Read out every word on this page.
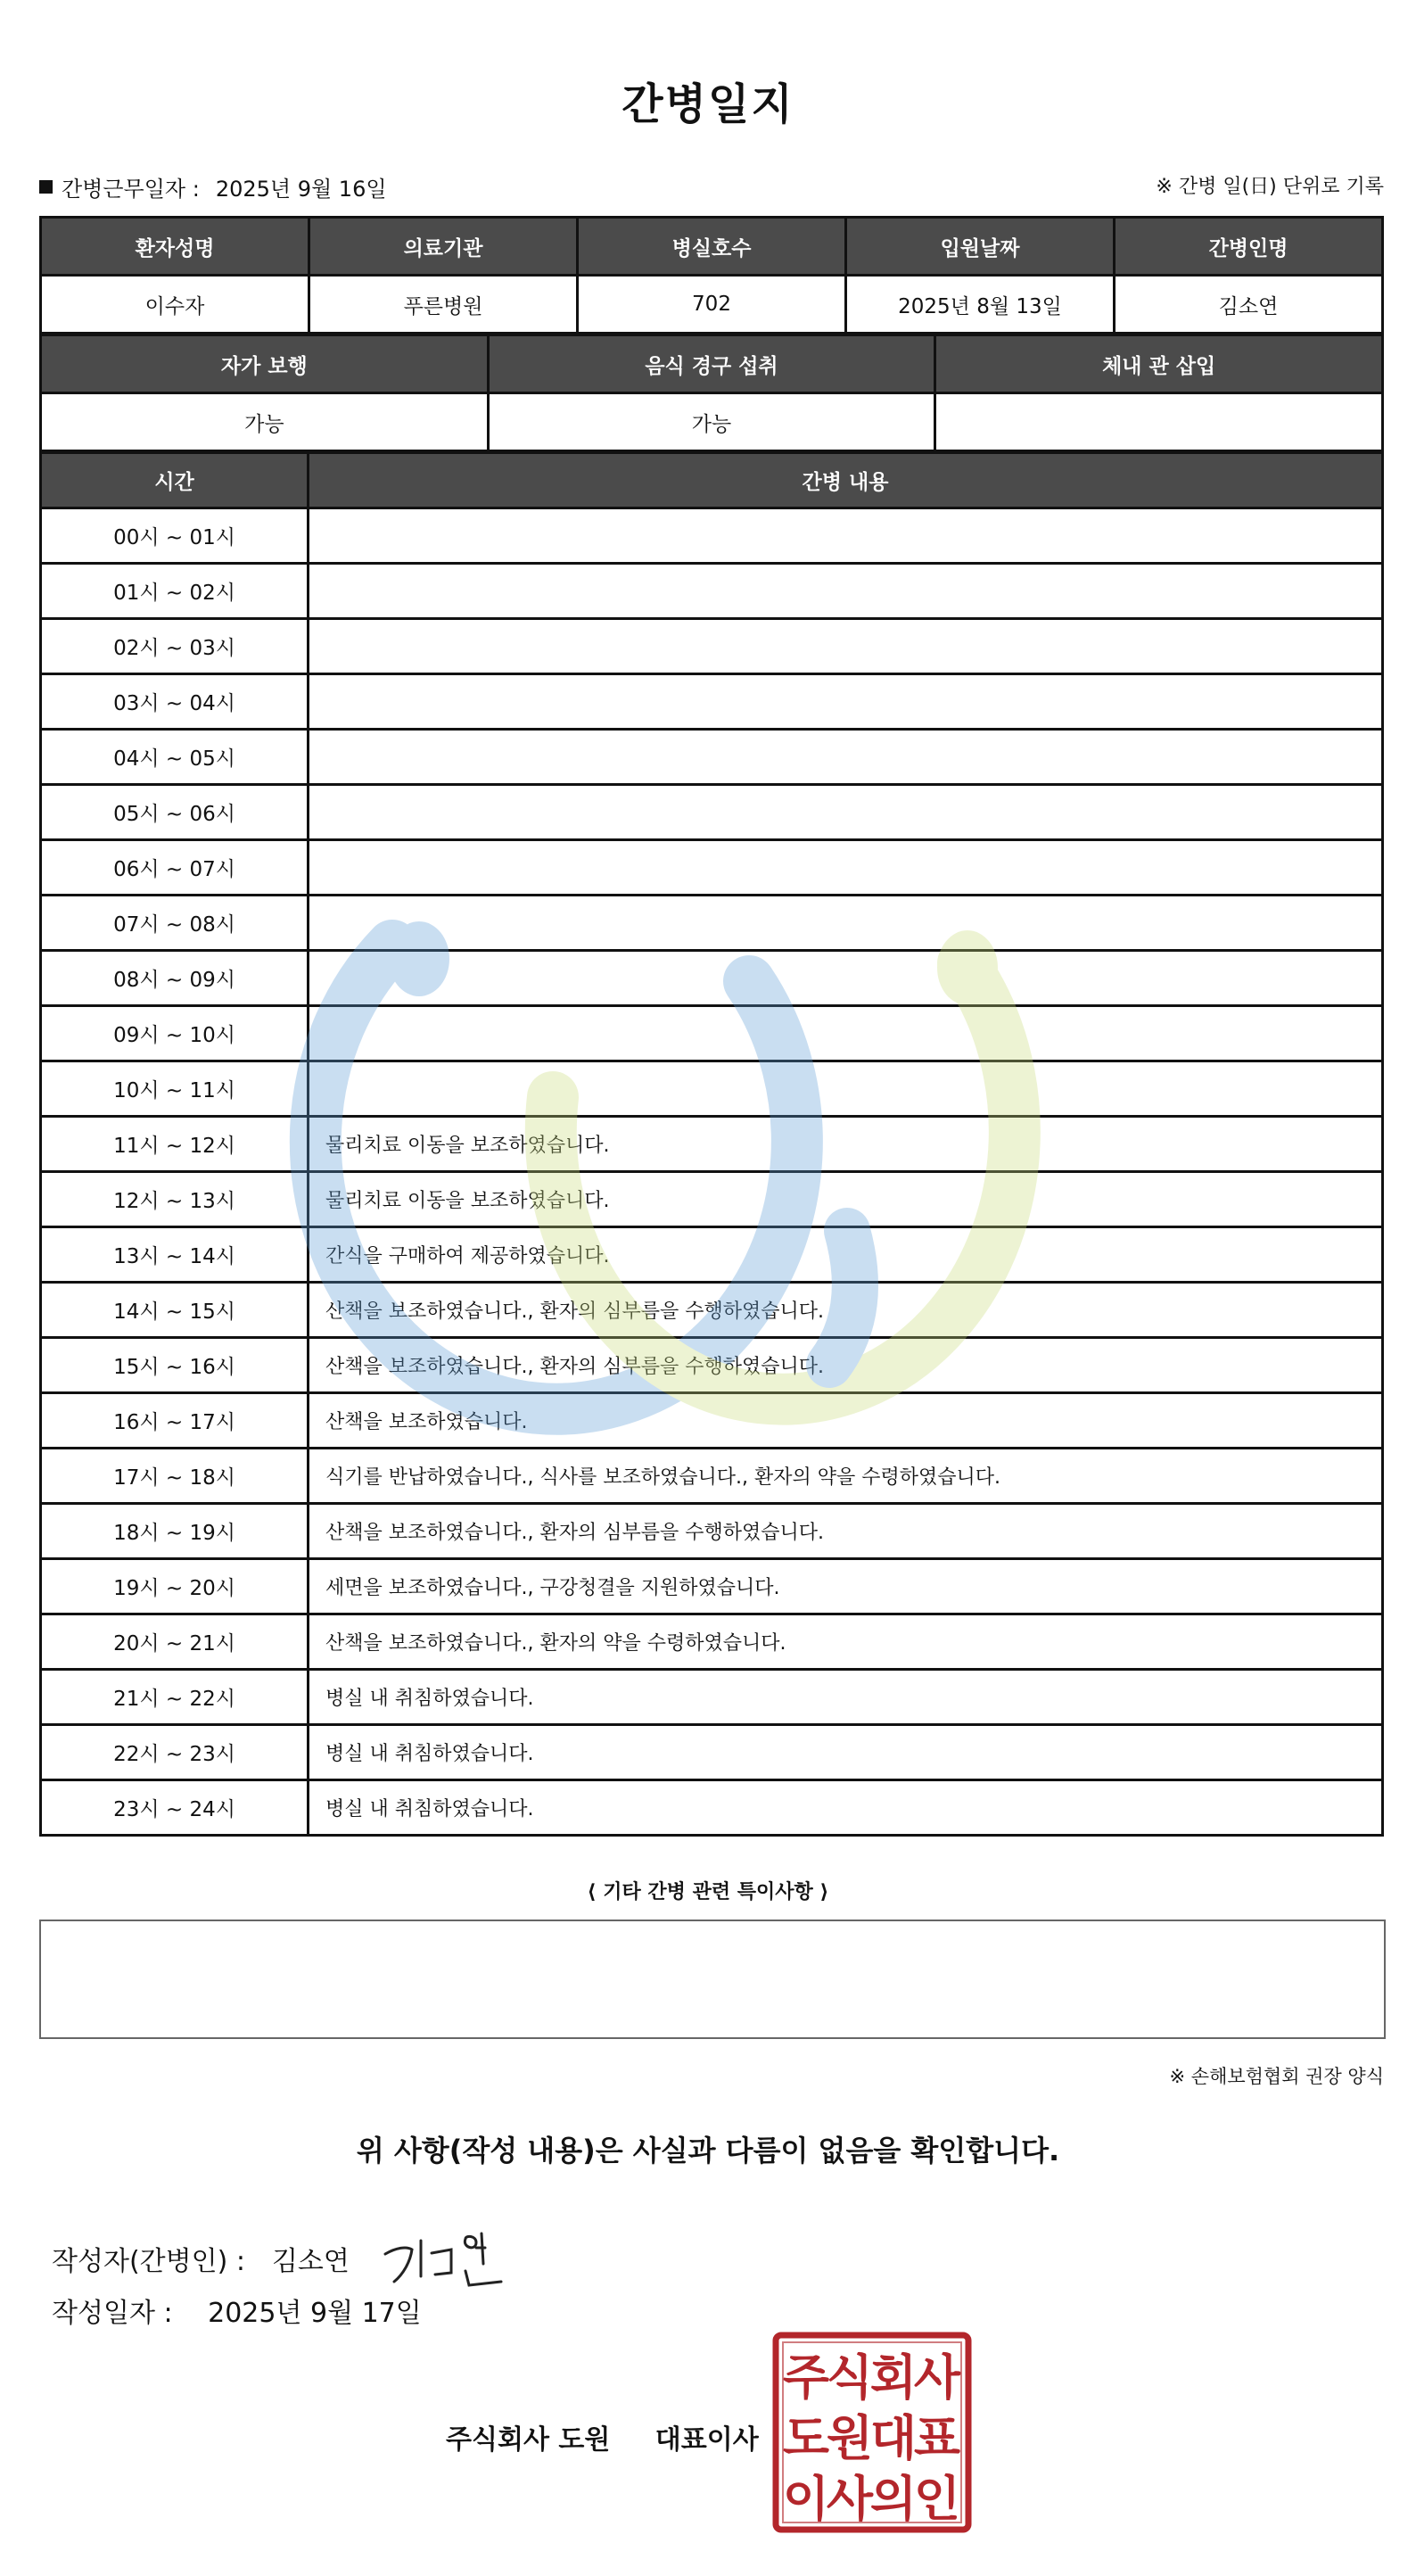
간병일지
간병근무일자 : 2025년 9월 16일	※ 간병 일(日) 단위로 기록
환자성명	의료기관	병실호수	입원날짜	간병인명
이수자	푸른병원	702	2025년 8월 13일	김소연
자가 보행	음식 경구 섭취	체내 관 삽입
가능	가능	
시간	간병 내용
00시 ~ 01시	
01시 ~ 02시	
02시 ~ 03시	
03시 ~ 04시	
04시 ~ 05시	
05시 ~ 06시	
06시 ~ 07시	
07시 ~ 08시	
08시 ~ 09시	
09시 ~ 10시	
10시 ~ 11시	
11시 ~ 12시	물리치료 이동을 보조하였습니다.
12시 ~ 13시	물리치료 이동을 보조하였습니다.
13시 ~ 14시	간식을 구매하여 제공하였습니다.
14시 ~ 15시	산책을 보조하였습니다., 환자의 심부름을 수행하였습니다.
15시 ~ 16시	산책을 보조하였습니다., 환자의 심부름을 수행하였습니다.
16시 ~ 17시	산책을 보조하였습니다.
17시 ~ 18시	식기를 반납하였습니다., 식사를 보조하였습니다., 환자의 약을 수령하였습니다.
18시 ~ 19시	산책을 보조하였습니다., 환자의 심부름을 수행하였습니다.
19시 ~ 20시	세면을 보조하였습니다., 구강청결을 지원하였습니다.
20시 ~ 21시	산책을 보조하였습니다., 환자의 약을 수령하였습니다.
21시 ~ 22시	병실 내 취침하였습니다.
22시 ~ 23시	병실 내 취침하였습니다.
23시 ~ 24시	병실 내 취침하였습니다.
⟨ 기타 간병 관련 특이사항 ⟩
※ 손해보험협회 권장 양식
위 사항(작성 내용)은 사실과 다름이 없음을 확인합니다.
작성자(간병인) : 김소연
작성일자 : 2025년 9월 17일
주식회사 도원 대표이사
주
식
회
사
도
원
대
표
이
사
의
인
